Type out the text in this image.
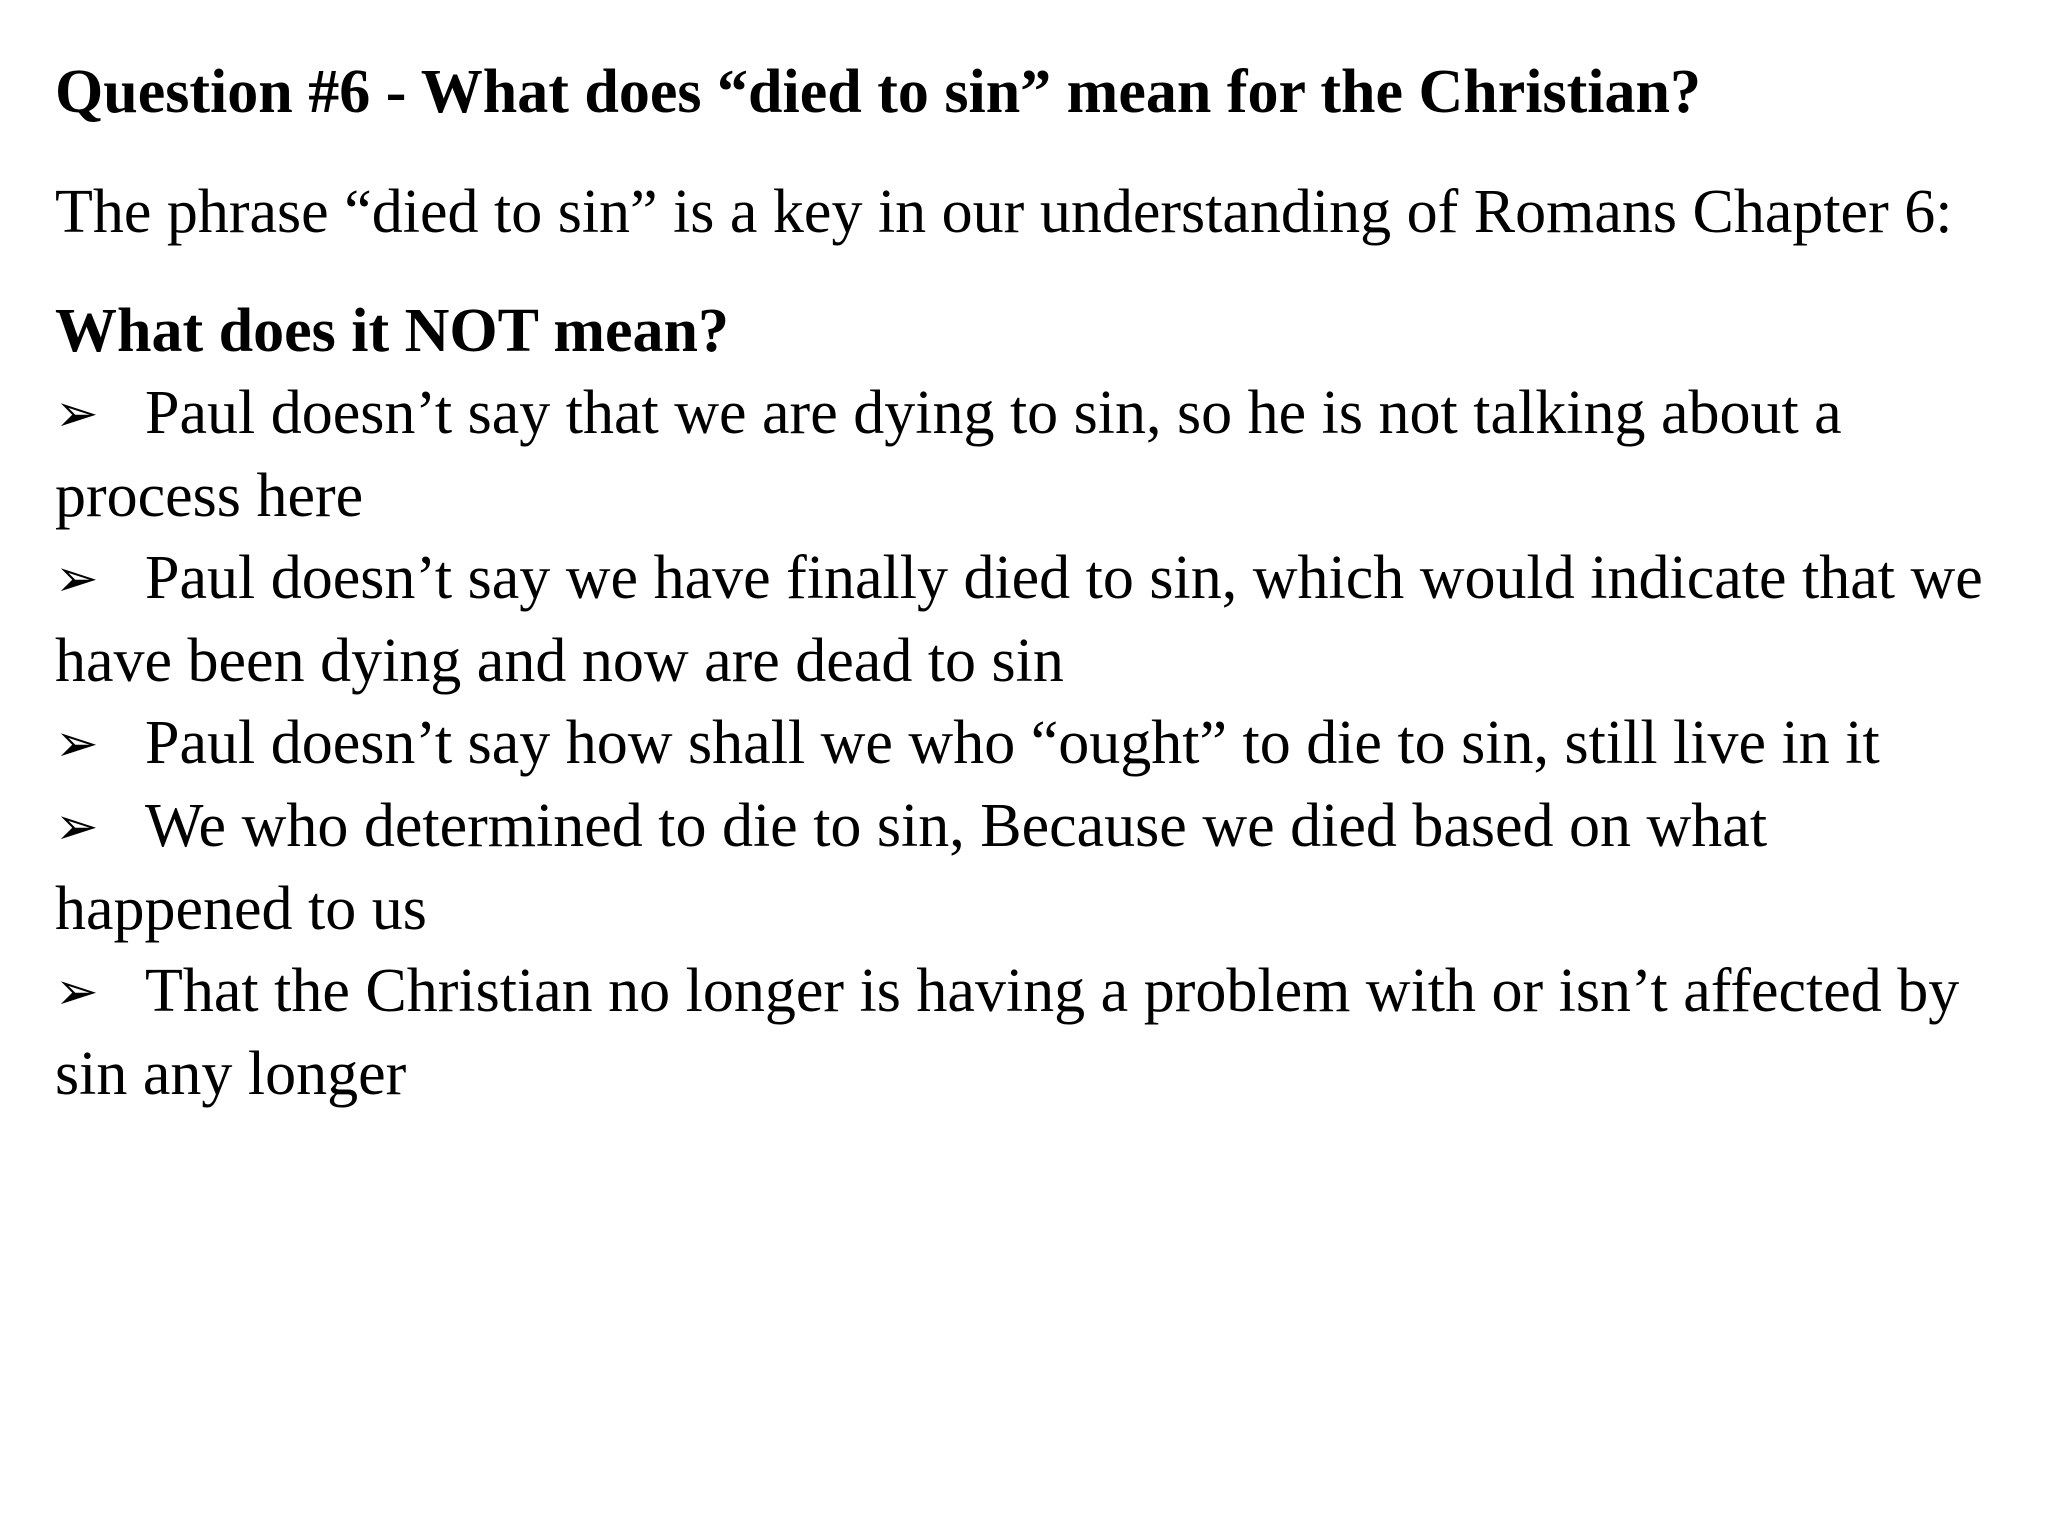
Question #6 - What does “died to sin” mean for the Christian?

The phrase “died to sin” is a key in our understanding of Romans Chapter 6:

What does it NOT mean?

➢ Paul doesn’t say that we are dying to sin, so he is not talking about a process here

➢ Paul doesn’t say we have finally died to sin, which would indicate that we have been dying and now are dead to sin

➢ Paul doesn’t say how shall we who “ought” to die to sin, still live in it

➢ We who determined to die to sin, Because we died based on what happened to us

➢ That the Christian no longer is having a problem with or isn’t affected by sin any longer
